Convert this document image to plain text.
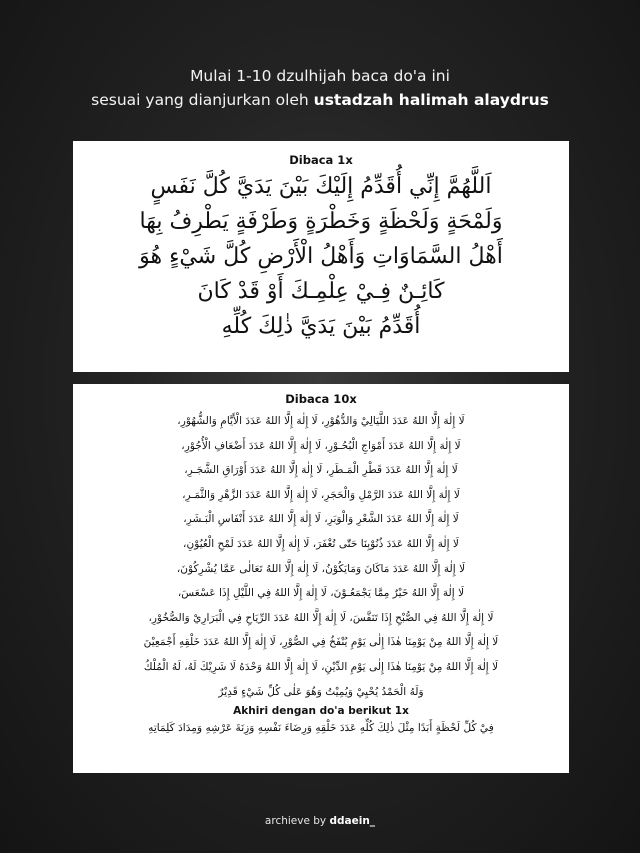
Mulai 1-10 dzulhijah baca do'a ini
sesuai yang dianjurkan oleh ustadzah halimah alaydrus
Dibaca 1x
اَللَّهُمَّ إِنِّي أُقَدِّمُ إِلَيْكَ بَيْنَ يَدَيَّ كُلَّ نَفَسٍ
وَلَمْحَةٍ وَلَحْظَةٍ وَخَطْرَةٍ وَطَرْفَةٍ يَطْرِفُ بِهَا
أَهْلُ السَّمَاوَاتِ وَأَهْلُ الْأَرْضِ كُلَّ شَيْءٍ هُوَ
كَائِـنٌ فِـيْ عِلْمِـكَ أَوْ قَدْ كَانَ
أُقَدِّمُ بَيْنَ يَدَيَّ ذٰلِكَ كُلِّهِ
Dibaca 10x
لَا إِلٰهَ إِلَّا اللهُ عَدَدَ اللَّيَالِيْ وَالدُّهُوْرِ، لَا إِلٰهَ إِلَّا اللهُ عَدَدَ الْأَيَّامِ وَالشُّهُوْرِ،
لَا إِلٰهَ إِلَّا اللهُ عَدَدَ أَمْوَاجِ الْبُحُـوْرِ، لَا إِلٰهَ إِلَّا اللهُ عَدَدَ أَضْعَافِ الْأُجُوْرِ،
لَا إِلٰهَ إِلَّا اللهُ عَدَدَ قَطْرِ الْمَـطَرِ، لَا إِلٰهَ إِلَّا اللهُ عَدَدَ أَوْرَاقِ الشَّجَـرِ،
لَا إِلٰهَ إِلَّا اللهُ عَدَدَ الرَّمْلِ وَالْحَجَرِ، لَا إِلٰهَ إِلَّا اللهُ عَدَدَ الزَّهْرِ وَالثَّمَـرِ،
لَا إِلٰهَ إِلَّا اللهُ عَدَدَ الشَّعْرِ وَالْوَبَرِ، لَا إِلٰهَ إِلَّا اللهُ عَدَدَ أَنْفَاسِ الْبَـشَرِ،
لَا إِلٰهَ إِلَّا اللهُ عَدَدَ ذُنُوْبِنَا حَتّٰى تُغْفَرَ، لَا إِلٰهَ إِلَّا اللهُ عَدَدَ لَمْحِ الْعُيُوْنِ،
لَا إِلٰهَ إِلَّا اللهُ عَدَدَ مَاكَانَ وَمَايَكُوْنُ، لَا إِلٰهَ إِلَّا اللهُ تَعَالٰى عَمَّا يُشْرِكُوْنَ،
لَا إِلٰهَ إِلَّا اللهُ خَيْرٌ مِمَّا يَجْمَعُـوْنَ، لَا إِلٰهَ إِلَّا اللهُ فِي اللَّيْلِ إِذَا عَسْعَسَ،
لَا إِلٰهَ إِلَّا اللهُ فِي الصُّبْحِ إِذَا تَنَفَّسَ، لَا إِلٰهَ إِلَّا اللهُ عَدَدَ الرِّيَاحِ فِي الْبَرَارِيْ وَالصُّخُوْرِ،
لَا إِلٰهَ إِلَّا اللهُ مِنْ يَوْمِنَا هٰذَا إِلٰى يَوْمِ يُنْفَخُ فِي الصُّوْرِ، لَا إِلٰهَ إِلَّا اللهُ عَدَدَ خَلْقِهِ أَجْمَعِيْنَ
لَا إِلٰهَ إِلَّا اللهُ مِنْ يَوْمِنَا هٰذَا إِلٰى يَوْمِ الدِّيْنِ، لَا إِلٰهَ إِلَّا اللهُ وَحْدَهُ لَا شَرِيْكَ لَهُ، لَهُ الْمُلْكُ
وَلَهُ الْحَمْدُ يُحْيِيْ وَيُمِيْتُ وَهُوَ عَلٰى كُلِّ شَيْءٍ قَدِيْرٌ
Akhiri dengan do'a berikut 1x
فِيْ كُلِّ لَحْظَةٍ أَبَدًا مِثْلَ ذٰلِكَ كُلِّهِ عَدَدَ خَلْقِهِ وَرِضَاءَ نَفْسِهِ وَزِنَةَ عَرْشِهِ وَمِدَادَ كَلِمَاتِهِ
archieve by ddaein_
